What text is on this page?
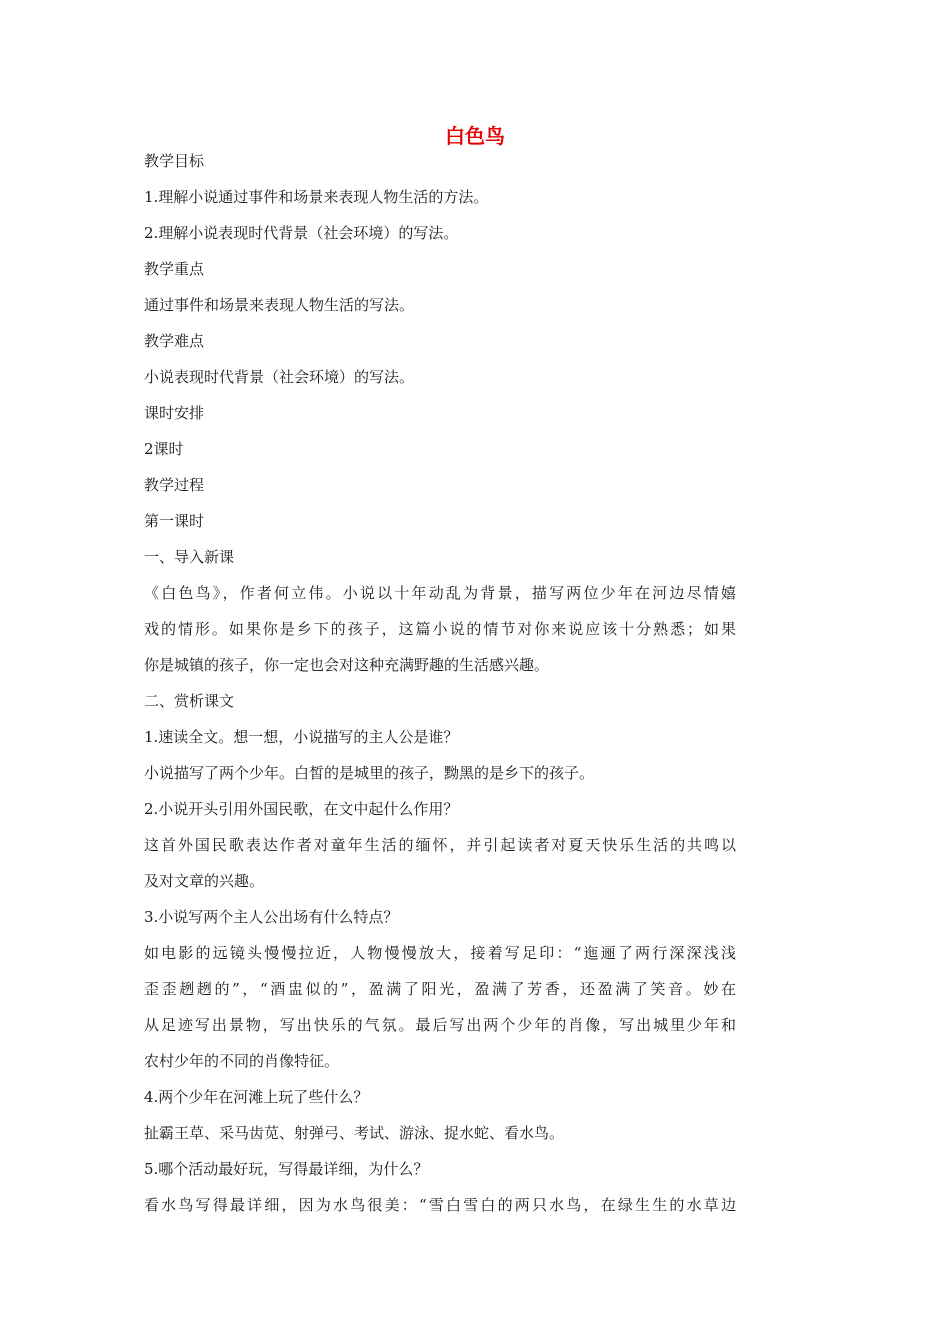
白色鸟
教学目标
1.理解小说通过事件和场景来表现人物生活的方法。
2.理解小说表现时代背景（社会环境）的写法。
教学重点
通过事件和场景来表现人物生活的写法。
教学难点
小说表现时代背景（社会环境）的写法。
课时安排
2课时
教学过程
第一课时
一、导入新课
《白色鸟》，作者何立伟。小说以十年动乱为背景，描写两位少年在河边尽情嬉
戏的情形。如果你是乡下的孩子，这篇小说的情节对你来说应该十分熟悉；如果
你是城镇的孩子，你一定也会对这种充满野趣的生活感兴趣。
二、赏析课文
1.速读全文。想一想，小说描写的主人公是谁？
小说描写了两个少年。白皙的是城里的孩子，黝黑的是乡下的孩子。
2.小说开头引用外国民歌，在文中起什么作用？
这首外国民歌表达作者对童年生活的缅怀，并引起读者对夏天快乐生活的共鸣以
及对文章的兴趣。
3.小说写两个主人公出场有什么特点？
如电影的远镜头慢慢拉近，人物慢慢放大，接着写足印：“迤逦了两行深深浅浅
歪歪趔趔的”，“酒盅似的”，盈满了阳光，盈满了芳香，还盈满了笑音。妙在
从足迹写出景物，写出快乐的气氛。最后写出两个少年的肖像，写出城里少年和
农村少年的不同的肖像特征。
4.两个少年在河滩上玩了些什么？
扯霸王草、采马齿苋、射弹弓、考试、游泳、捉水蛇、看水鸟。
5.哪个活动最好玩，写得最详细，为什么？
看水鸟写得最详细，因为水鸟很美：“雪白雪白的两只水鸟，在绿生生的水草边
